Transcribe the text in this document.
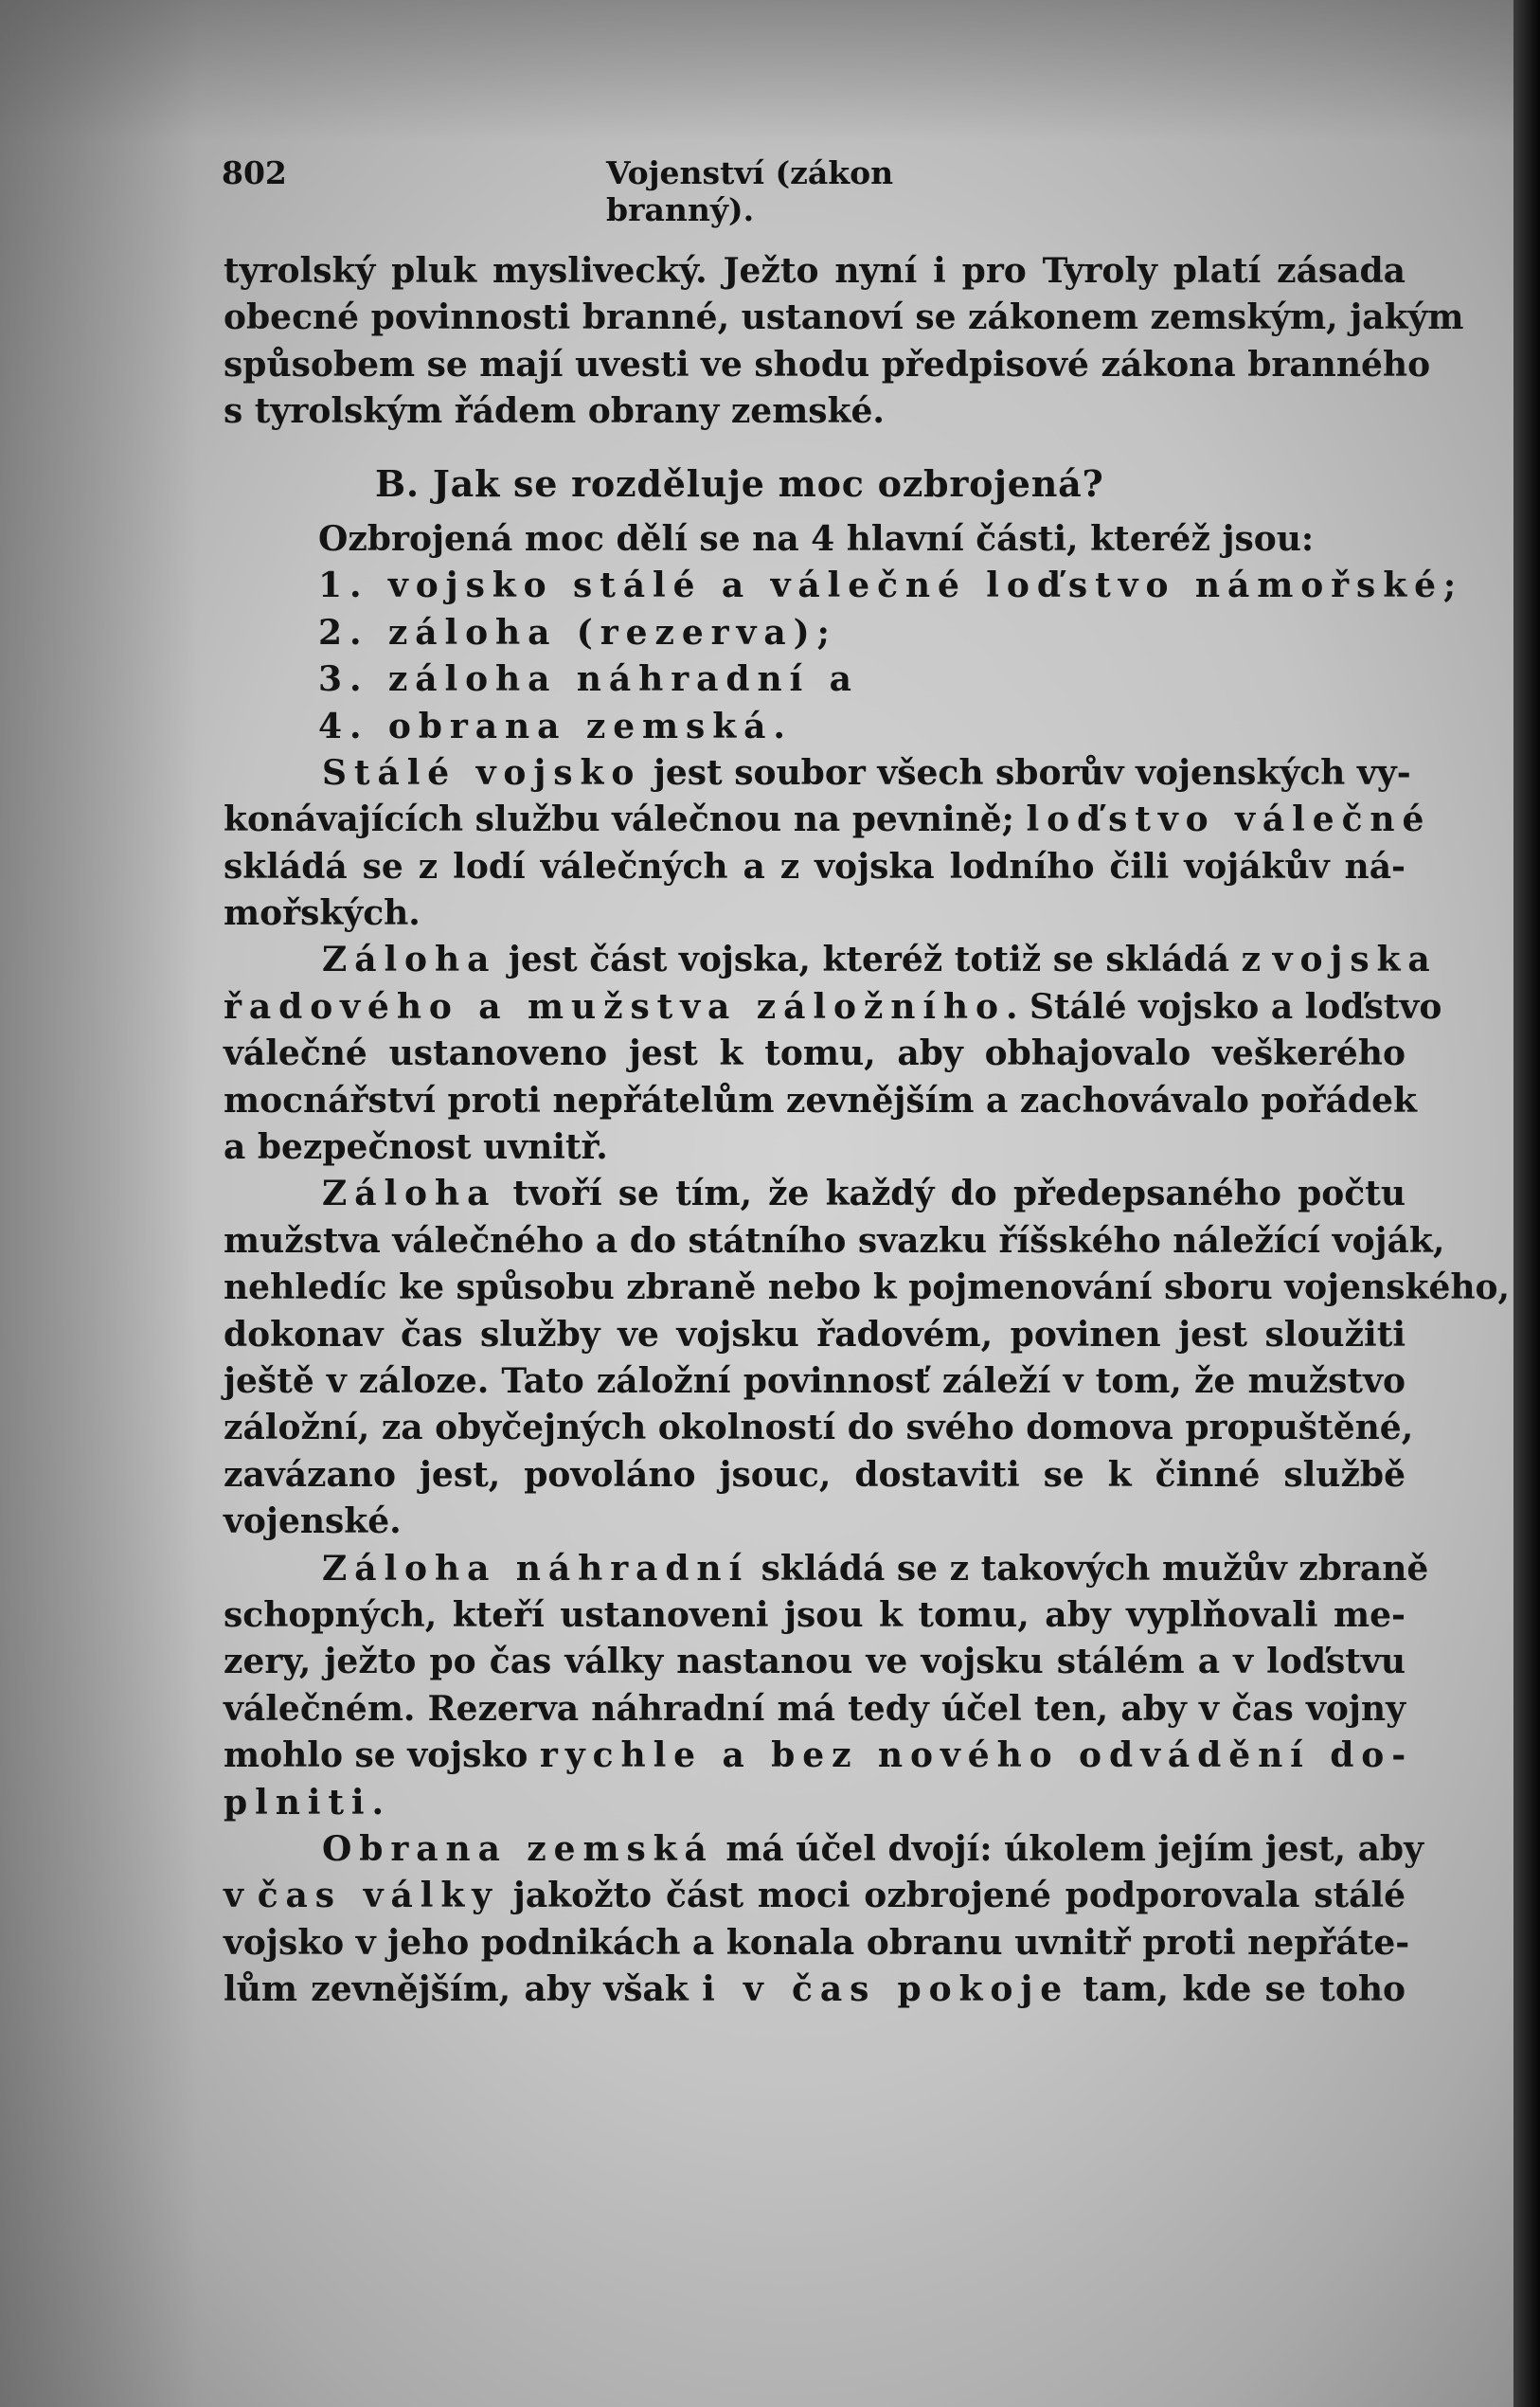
802	Vojenství (zákon branný).
tyrolský pluk myslivecký. Ježto nyní i pro Tyroly platí zásada
obecné povinnosti branné, ustanoví se zákonem zemským, jakým
spůsobem se mají uvesti ve shodu předpisové zákona branného
s tyrolským řádem obrany zemské.
B. Jak se rozděluje moc ozbrojená?
Ozbrojená moc dělí se na 4 hlavní části, kteréž jsou:
1. vojsko stálé a válečné loďstvo námořské;
2. záloha (rezerva);
3. záloha náhradní a
4. obrana zemská.
Stálé vojsko jest soubor všech sborův vojenských vy-
konávajících službu válečnou na pevnině; loďstvo válečné
skládá se z lodí válečných a z vojska lodního čili vojákův ná-
mořských.
Záloha jest část vojska, kteréž totiž se skládá z vojska
řadového a mužstva záložního. Stálé vojsko a loďstvo
válečné ustanoveno jest k tomu, aby obhajovalo veškerého
mocnářství proti nepřátelům zevnějším a zachovávalo pořádek
a bezpečnost uvnitř.
Záloha tvoří se tím, že každý do předepsaného počtu
mužstva válečného a do státního svazku říšského náležící voják,
nehledíc ke spůsobu zbraně nebo k pojmenování sboru vojenského,
dokonav čas služby ve vojsku řadovém, povinen jest sloužiti
ještě v záloze. Tato záložní povinnosť záleží v tom, že mužstvo
záložní, za obyčejných okolností do svého domova propuštěné,
zavázano jest, povoláno jsouc, dostaviti se k činné službě
vojenské.
Záloha náhradní skládá se z takových mužův zbraně
schopných, kteří ustanoveni jsou k tomu, aby vyplňovali me-
zery, ježto po čas války nastanou ve vojsku stálém a v loďstvu
válečném. Rezerva náhradní má tedy účel ten, aby v čas vojny
mohlo se vojsko rychle a bez nového odvádění do-
plniti.
Obrana zemská má účel dvojí: úkolem jejím jest, aby
v čas války jakožto část moci ozbrojené podporovala stálé
vojsko v jeho podnikách a konala obranu uvnitř proti nepřáte-
lům zevnějším, aby však i v čas pokoje tam, kde se toho
